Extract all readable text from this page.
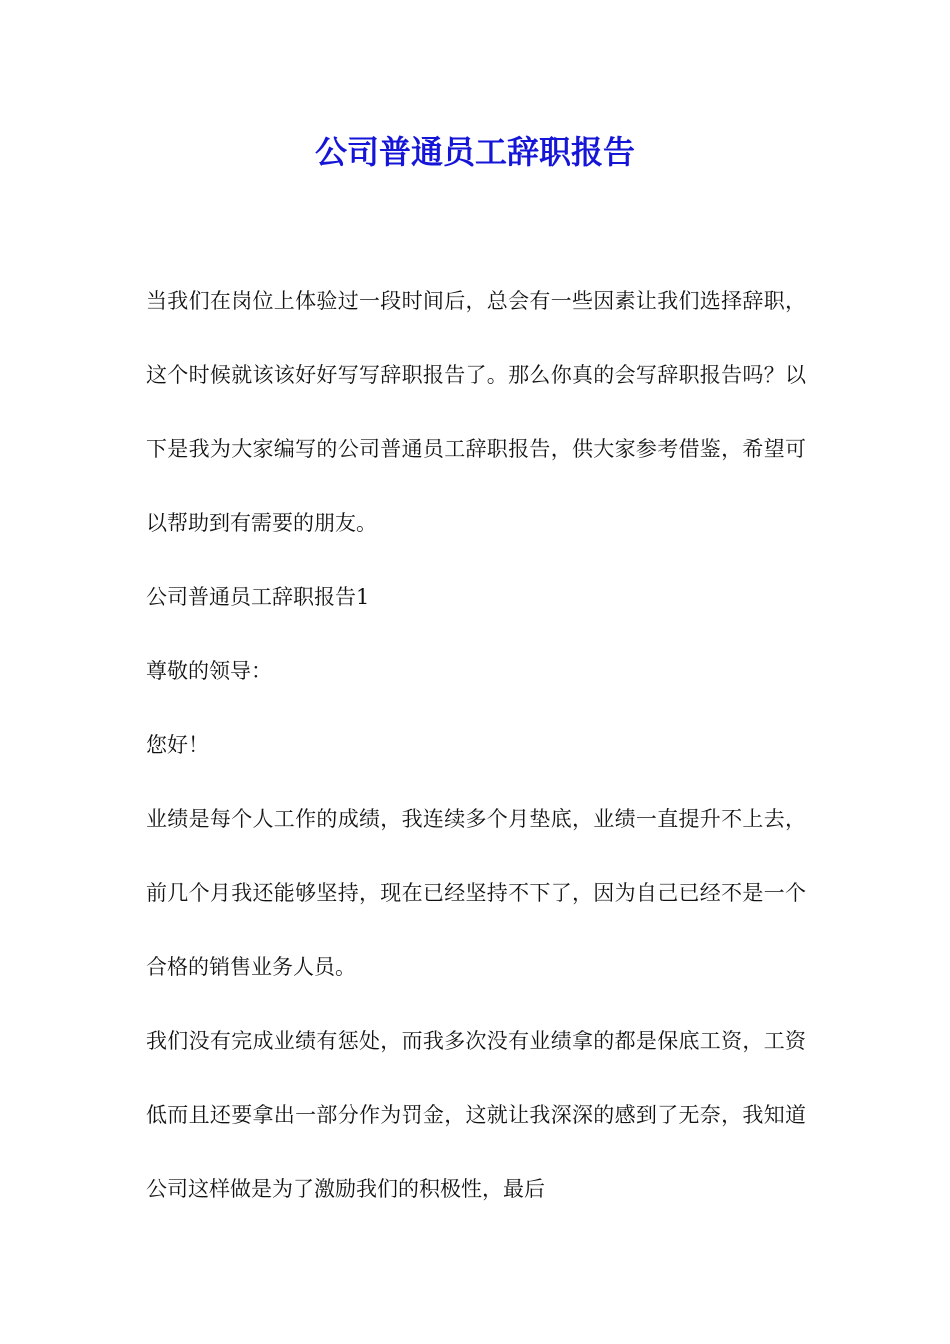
公司普通员工辞职报告

当我们在岗位上体验过一段时间后，总会有一些因素让我们选择辞职，这个时候就该该好好写写辞职报告了。那么你真的会写辞职报告吗？以下是我为大家编写的公司普通员工辞职报告，供大家参考借鉴，希望可以帮助到有需要的朋友。

公司普通员工辞职报告1

尊敬的领导：

您好！

业绩是每个人工作的成绩，我连续多个月垫底，业绩一直提升不上去，前几个月我还能够坚持，现在已经坚持不下了，因为自己已经不是一个合格的销售业务人员。

我们没有完成业绩有惩处，而我多次没有业绩拿的都是保底工资，工资低而且还要拿出一部分作为罚金，这就让我深深的感到了无奈，我知道公司这样做是为了激励我们的积极性，最后
